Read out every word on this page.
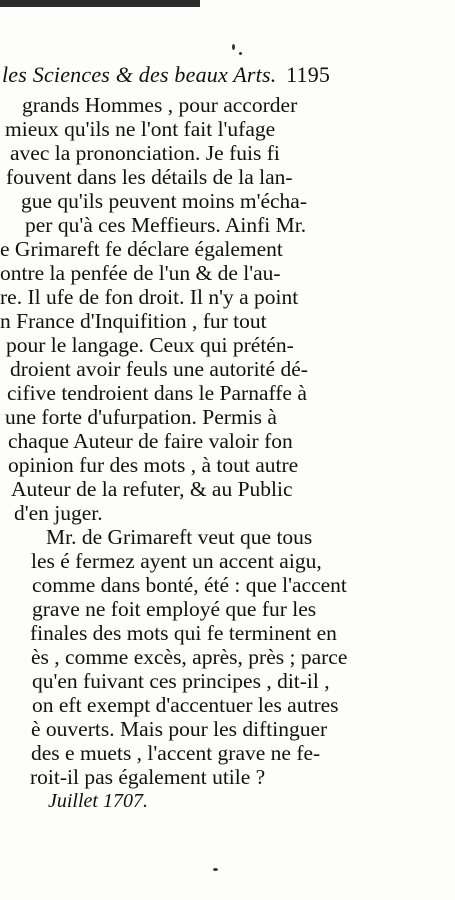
les Sciences & des beaux Arts. 1195
grands Hommes , pour accorder
mieux qu'ils ne l'ont fait l'ufage
avec la prononciation. Je fuis fi
fouvent dans les détails de la lan-
gue qu'ils peuvent moins m'écha-
per qu'à ces Meffieurs. Ainfi Mr.
e Grimareft fe déclare également
ontre la penfée de l'un & de l'au-
re. Il ufe de fon droit. Il n'y a point
n France d'Inquifition , fur tout
pour le langage. Ceux qui prétén-
droient avoir feuls une autorité dé-
cifive tendroient dans le Parnaffe à
une forte d'ufurpation. Permis à
chaque Auteur de faire valoir fon
opinion fur des mots , à tout autre
Auteur de la refuter, & au Public
d'en juger.
Mr. de Grimareft veut que tous
les é fermez ayent un accent aigu,
comme dans bonté, été : que l'accent
grave ne foit employé que fur les
finales des mots qui fe terminent en
ès , comme excès, après, près ; parce
qu'en fuivant ces principes , dit-il ,
on eft exempt d'accentuer les autres
è ouverts. Mais pour les diftinguer
des e muets , l'accent grave ne fe-
roit-il pas également utile ?
Juillet 1707.
